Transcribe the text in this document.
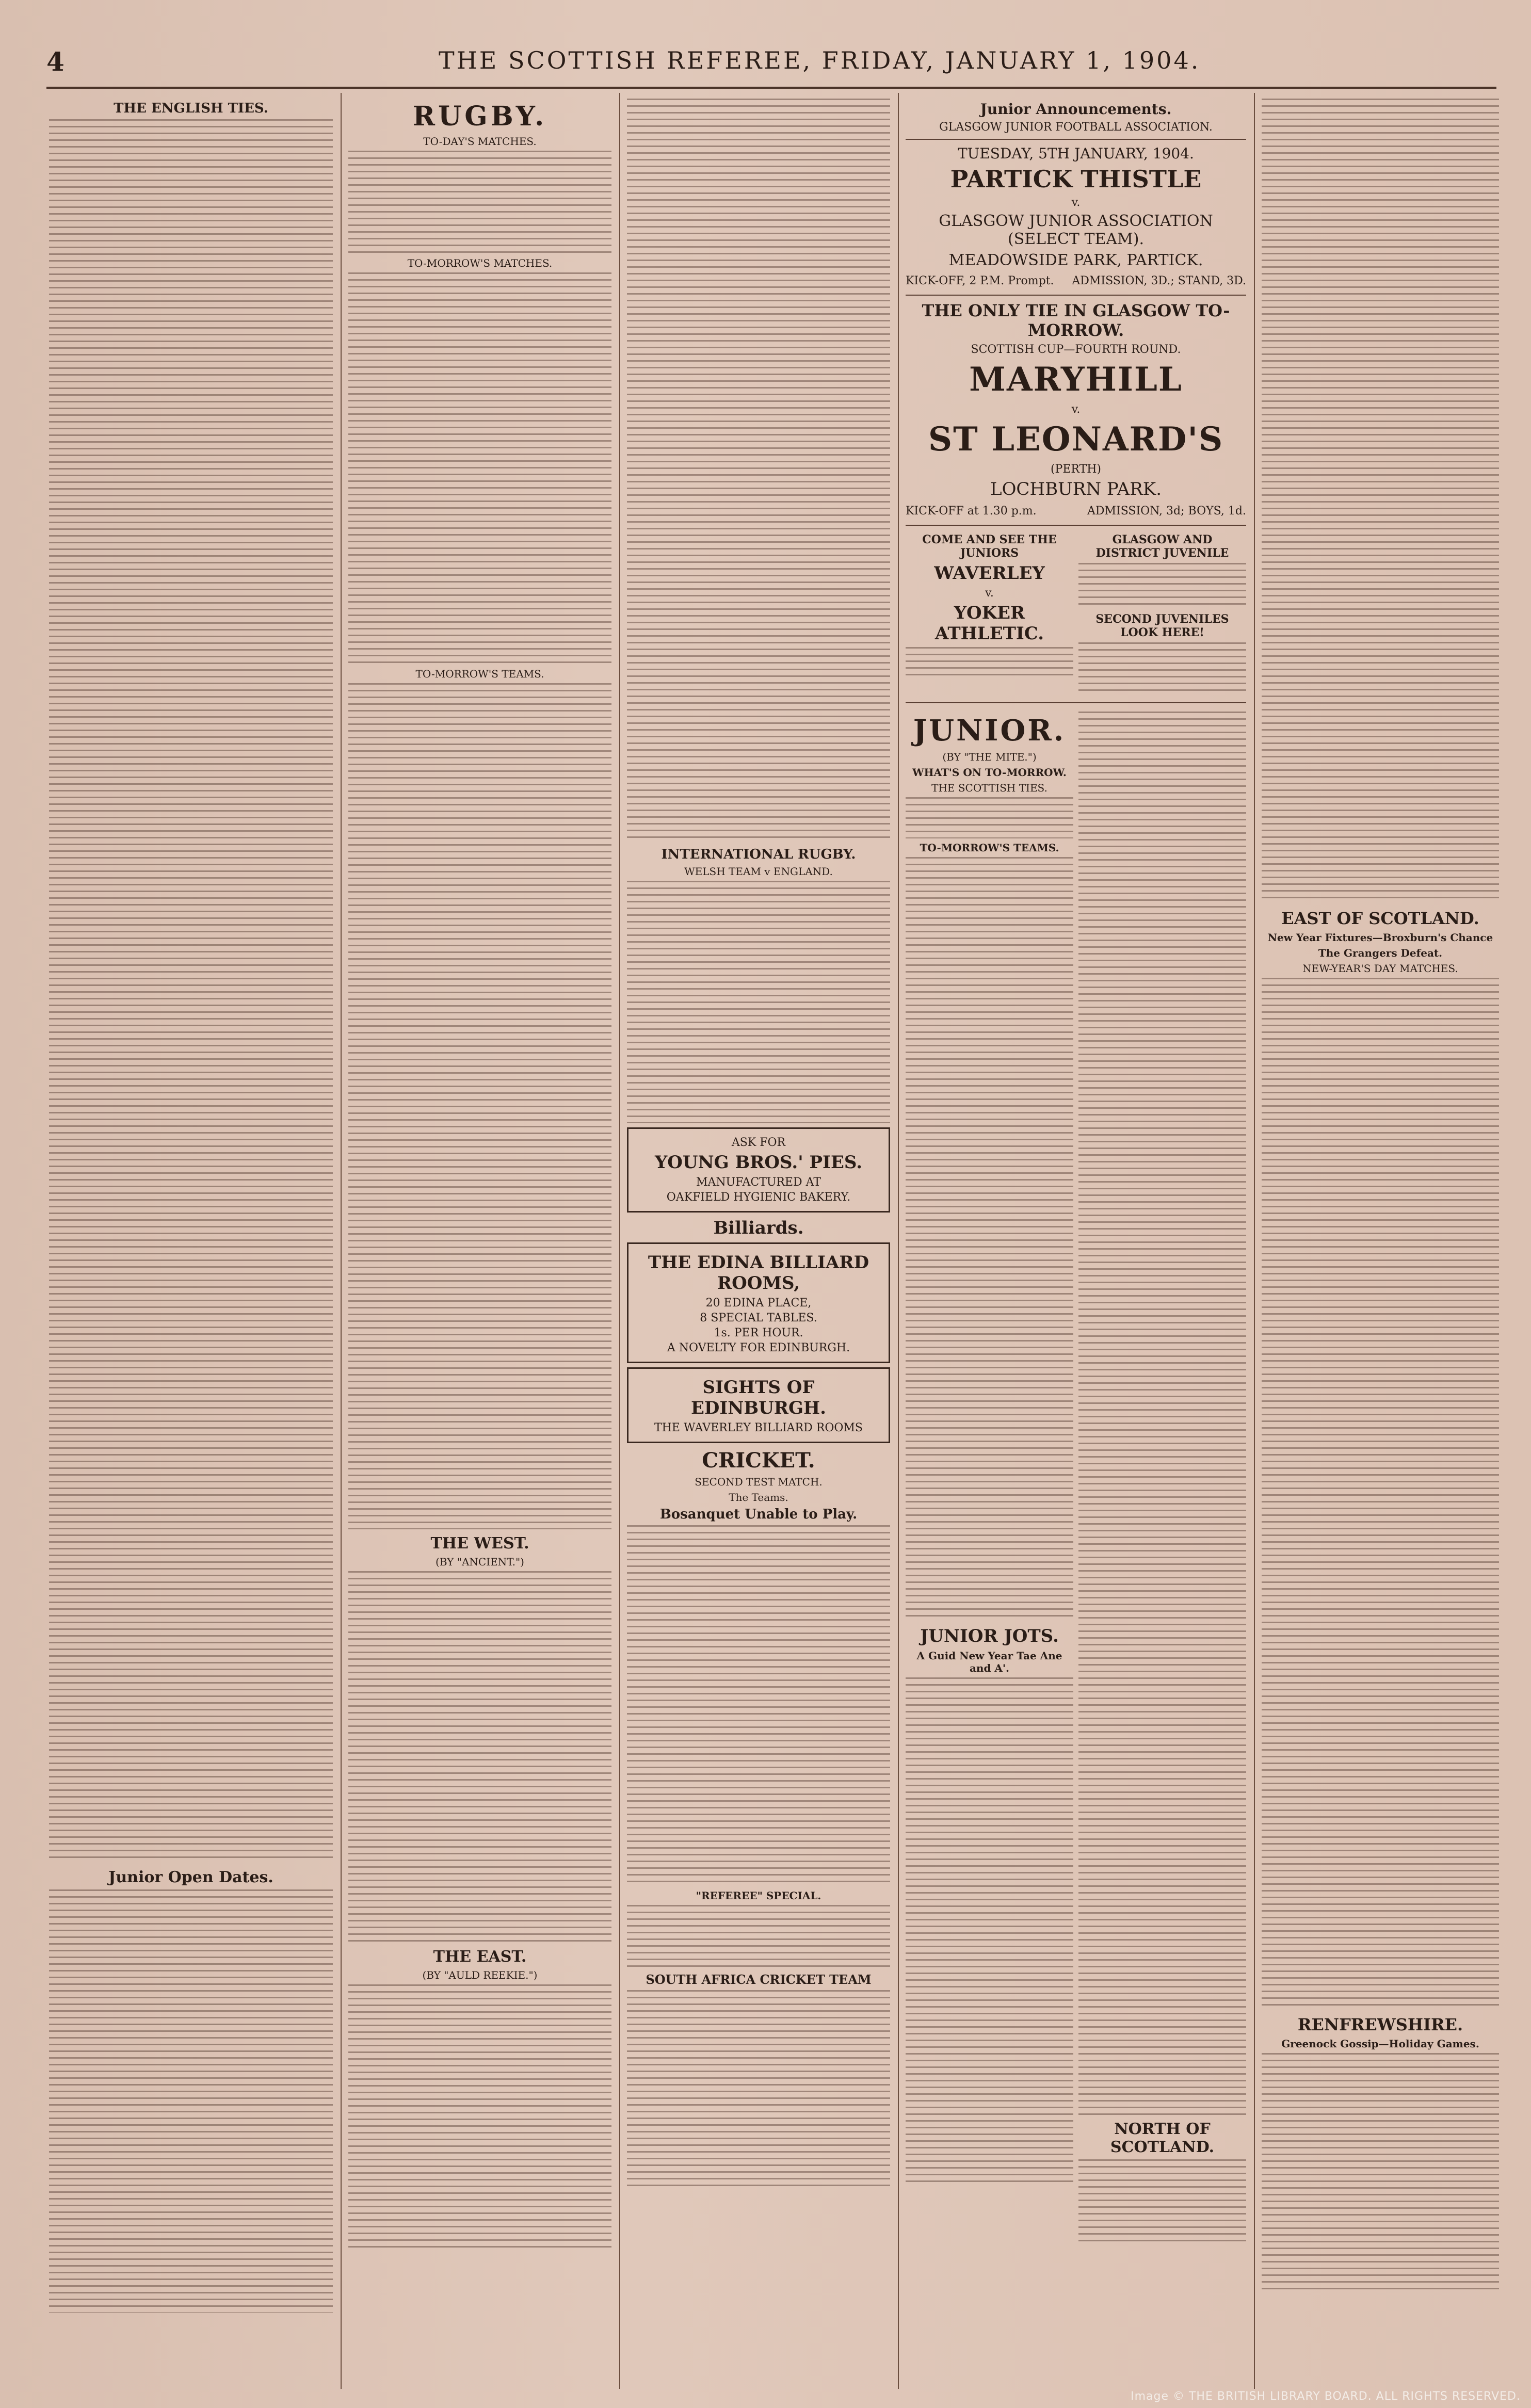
4	THE SCOTTISH REFEREE, FRIDAY, JANUARY 1, 1904.
THE ENGLISH TIES.
Junior Open Dates.
RUGBY.
TO-DAY'S MATCHES.
TO-MORROW'S MATCHES.
TO-MORROW'S TEAMS.
THE WEST.
(BY "ANCIENT.")
THE EAST.
(BY "AULD REEKIE.")
INTERNATIONAL RUGBY.
WELSH TEAM v ENGLAND.
ASK FOR
YOUNG BROS.' PIES.
MANUFACTURED AT
OAKFIELD HYGIENIC BAKERY.
Billiards.
THE EDINA BILLIARD ROOMS,
20 EDINA PLACE,
8 SPECIAL TABLES.
1s. PER HOUR.
A NOVELTY FOR EDINBURGH.
SIGHTS OF EDINBURGH.
THE WAVERLEY BILLIARD ROOMS
CRICKET.
SECOND TEST MATCH.
The Teams.
Bosanquet Unable to Play.
"REFEREE" SPECIAL.
SOUTH AFRICA CRICKET TEAM
Junior Announcements.
GLASGOW JUNIOR FOOTBALL ASSOCIATION.
TUESDAY, 5TH JANUARY, 1904.
PARTICK THISTLE
v.
GLASGOW JUNIOR ASSOCIATION (SELECT TEAM).
MEADOWSIDE PARK, PARTICK.
KICK-OFF, 2 P.M. Prompt. ADMISSION, 3D.; STAND, 3D.
THE ONLY TIE IN GLASGOW TO-MORROW.
SCOTTISH CUP—FOURTH ROUND.
MARYHILL
v.
ST LEONARD'S
(PERTH)
LOCHBURN PARK.
KICK-OFF at 1.30 p.m.	ADMISSION, 3d; BOYS, 1d.
COME AND SEE THE JUNIORS
WAVERLEY
v.
YOKER ATHLETIC.
GLASGOW AND DISTRICT JUVENILE
SECOND JUVENILES LOOK HERE!
JUNIOR.
(BY "THE MITE.")
WHAT'S ON TO-MORROW.
THE SCOTTISH TIES.
TO-MORROW'S TEAMS.
JUNIOR JOTS.
A Guid New Year Tae Ane and A'.
NORTH OF SCOTLAND.
EAST OF SCOTLAND.
New Year Fixtures—Broxburn's Chance
The Grangers Defeat.
NEW-YEAR'S DAY MATCHES.
RENFREWSHIRE.
Greenock Gossip—Holiday Games.
Image © THE BRITISH LIBRARY BOARD. ALL RIGHTS RESERVED.
